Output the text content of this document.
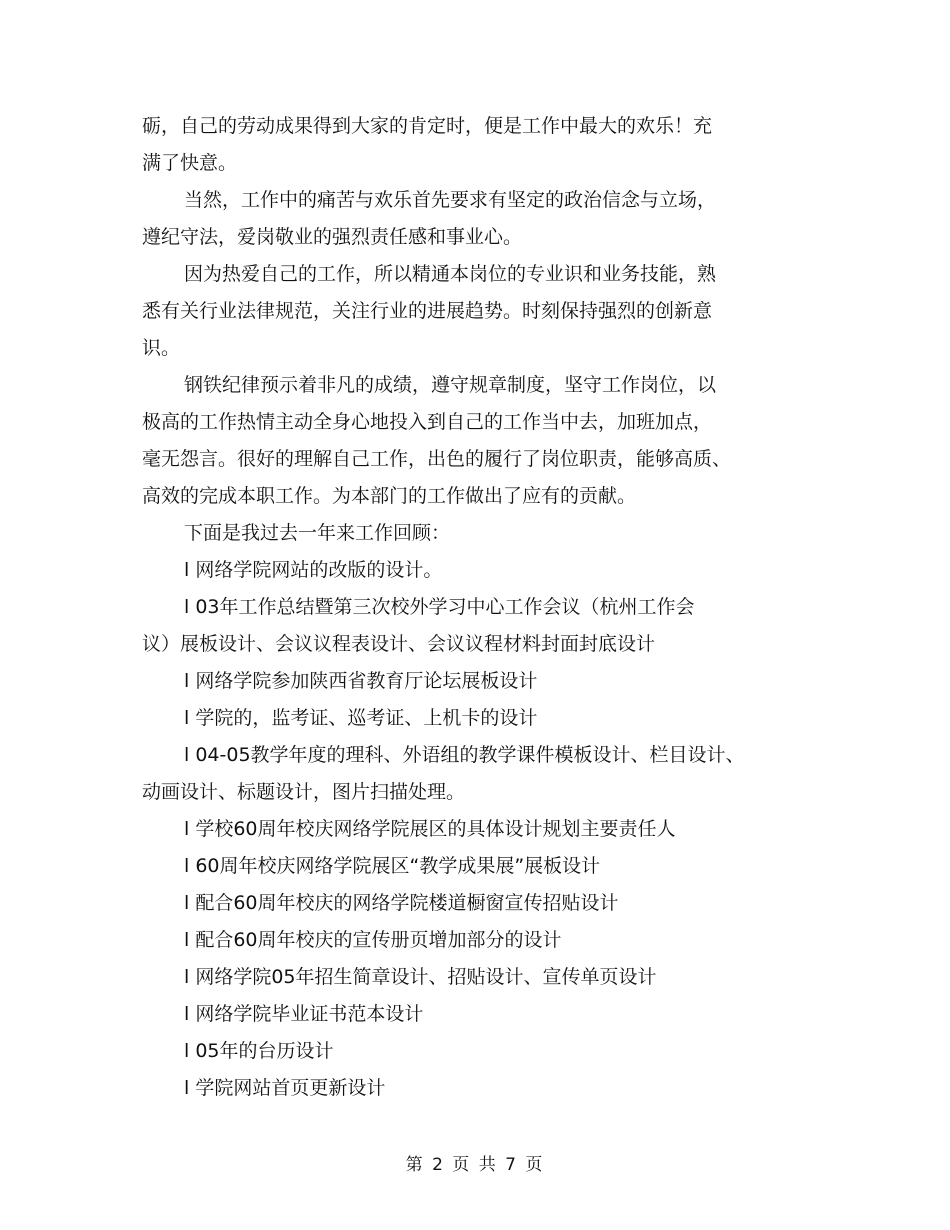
砺，自己的劳动成果得到大家的肯定时，便是工作中最大的欢乐！充
满了快意。
当然，工作中的痛苦与欢乐首先要求有坚定的政治信念与立场，
遵纪守法，爱岗敬业的强烈责任感和事业心。
因为热爱自己的工作，所以精通本岗位的专业识和业务技能，熟
悉有关行业法律规范，关注行业的进展趋势。时刻保持强烈的创新意
识。
钢铁纪律预示着非凡的成绩，遵守规章制度，坚守工作岗位，以
极高的工作热情主动全身心地投入到自己的工作当中去，加班加点，
毫无怨言。很好的理解自己工作，出色的履行了岗位职责，能够高质、
高效的完成本职工作。为本部门的工作做出了应有的贡献。
下面是我过去一年来工作回顾：
l 网络学院网站的改版的设计。
l 03年工作总结暨第三次校外学习中心工作会议（杭州工作会
议）展板设计、会议议程表设计、会议议程材料封面封底设计
l 网络学院参加陕西省教育厅论坛展板设计
l 学院的，监考证、巡考证、上机卡的设计
l 04-05教学年度的理科、外语组的教学课件模板设计、栏目设计、
动画设计、标题设计，图片扫描处理。
l 学校60周年校庆网络学院展区的具体设计规划主要责任人
l 60周年校庆网络学院展区“教学成果展”展板设计
l 配合60周年校庆的网络学院楼道橱窗宣传招贴设计
l 配合60周年校庆的宣传册页增加部分的设计
l 网络学院05年招生简章设计、招贴设计、宣传单页设计
l 网络学院毕业证书范本设计
l 05年的台历设计
l 学院网站首页更新设计
第 2 页 共 7 页
